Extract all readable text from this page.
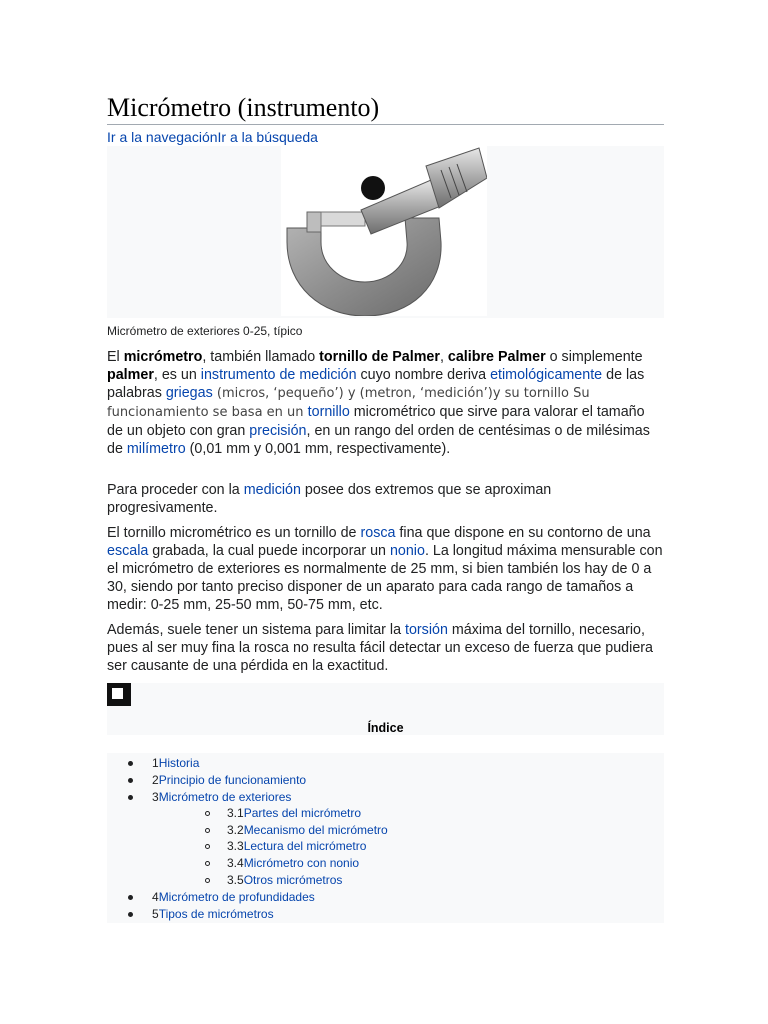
Micrómetro (instrumento)
Ir a la navegaciónIr a la búsqueda
Micrómetro de exteriores 0-25, típico

El micrómetro, también llamado tornillo de Palmer, calibre Palmer o simplemente palmer, es un instrumento de medición cuyo nombre deriva etimológicamente de las palabras griegas (micros, ‘pequeño’) y (metron, ‘medición’)y su tornillo Su funcionamiento se basa en un tornillo micrométrico que sirve para valorar el tamaño de un objeto con gran precisión, en un rango del orden de centésimas o de milésimas de milímetro (0,01 mm y 0,001 mm, respectivamente).

Para proceder con la medición posee dos extremos que se aproximan progresivamente.

El tornillo micrométrico es un tornillo de rosca fina que dispone en su contorno de una escala grabada, la cual puede incorporar un nonio. La longitud máxima mensurable con el micrómetro de exteriores es normalmente de 25 mm, si bien también los hay de 0 a 30, siendo por tanto preciso disponer de un aparato para cada rango de tamaños a medir: 0-25 mm, 25-50 mm, 50-75 mm, etc.

Además, suele tener un sistema para limitar la torsión máxima del tornillo, necesario, pues al ser muy fina la rosca no resulta fácil detectar un exceso de fuerza que pudiera ser causante de una pérdida en la exactitud.

Índice
1Historia
2Principio de funcionamiento
3Micrómetro de exteriores
3.1Partes del micrómetro
3.2Mecanismo del micrómetro
3.3Lectura del micrómetro
3.4Micrómetro con nonio
3.5Otros micrómetros
4Micrómetro de profundidades
5Tipos de micrómetros
